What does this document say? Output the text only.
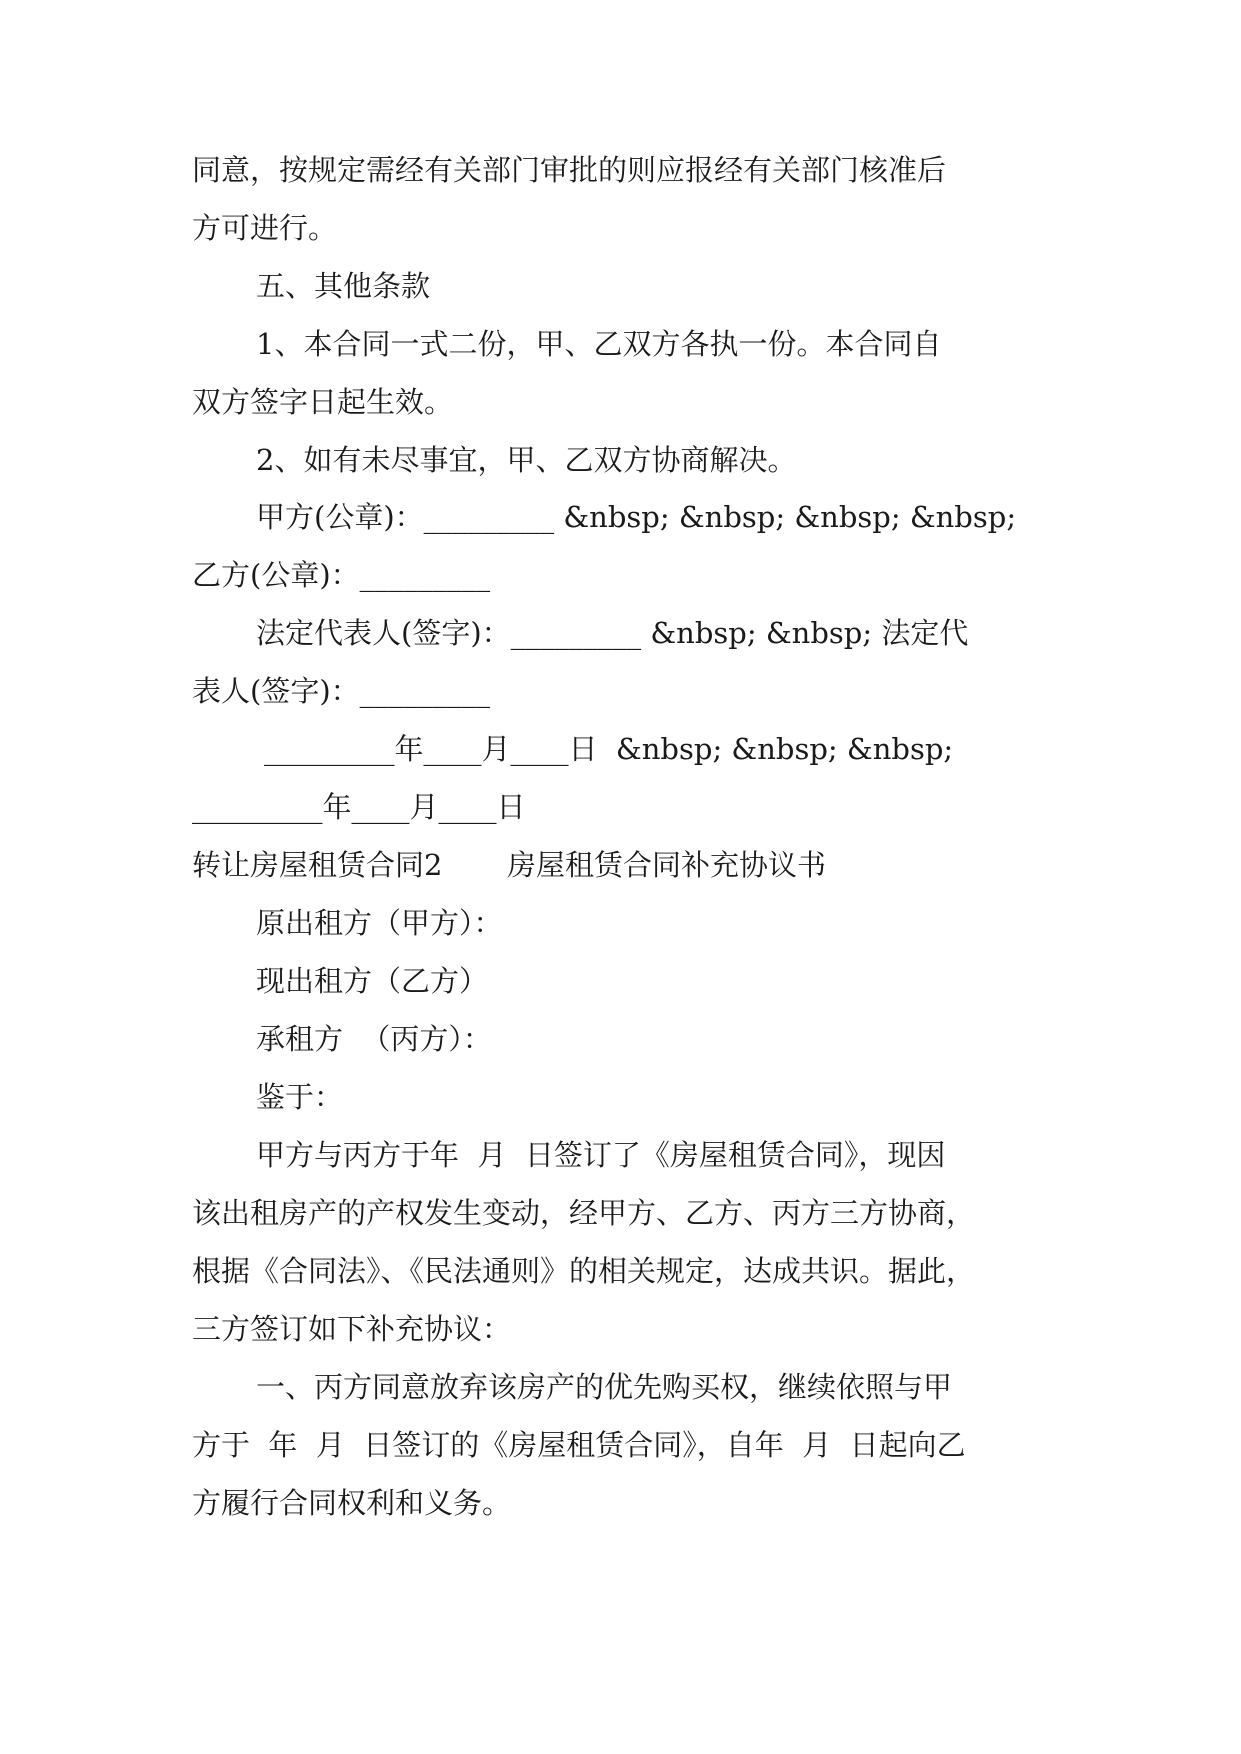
同意，按规定需经有关部门审批的则应报经有关部门核准后
方可进行。
五、其他条款
1、本合同一式二份，甲、乙双方各执一份。本合同自
双方签字日起生效。
2、如有未尽事宜，甲、乙双方协商解决。
甲方(公章)：_________ &nbsp; &nbsp; &nbsp; &nbsp;
乙方(公章)：_________
法定代表人(签字)：_________ &nbsp; &nbsp; 法定代
表人(签字)：_________
_________年____月____日  &nbsp; &nbsp; &nbsp;
_________年____月____日
转让房屋租赁合同2       房屋租赁合同补充协议书
原出租方（甲方）：
现出租方（乙方）
承租方  （丙方）：
鉴于：
甲方与丙方于年  月  日签订了《房屋租赁合同》，现因
该出租房产的产权发生变动，经甲方、乙方、丙方三方协商，
根据《合同法》、《民法通则》的相关规定，达成共识。据此，
三方签订如下补充协议：
一、丙方同意放弃该房产的优先购买权，继续依照与甲
方于  年  月  日签订的《房屋租赁合同》，自年  月  日起向乙
方履行合同权利和义务。
